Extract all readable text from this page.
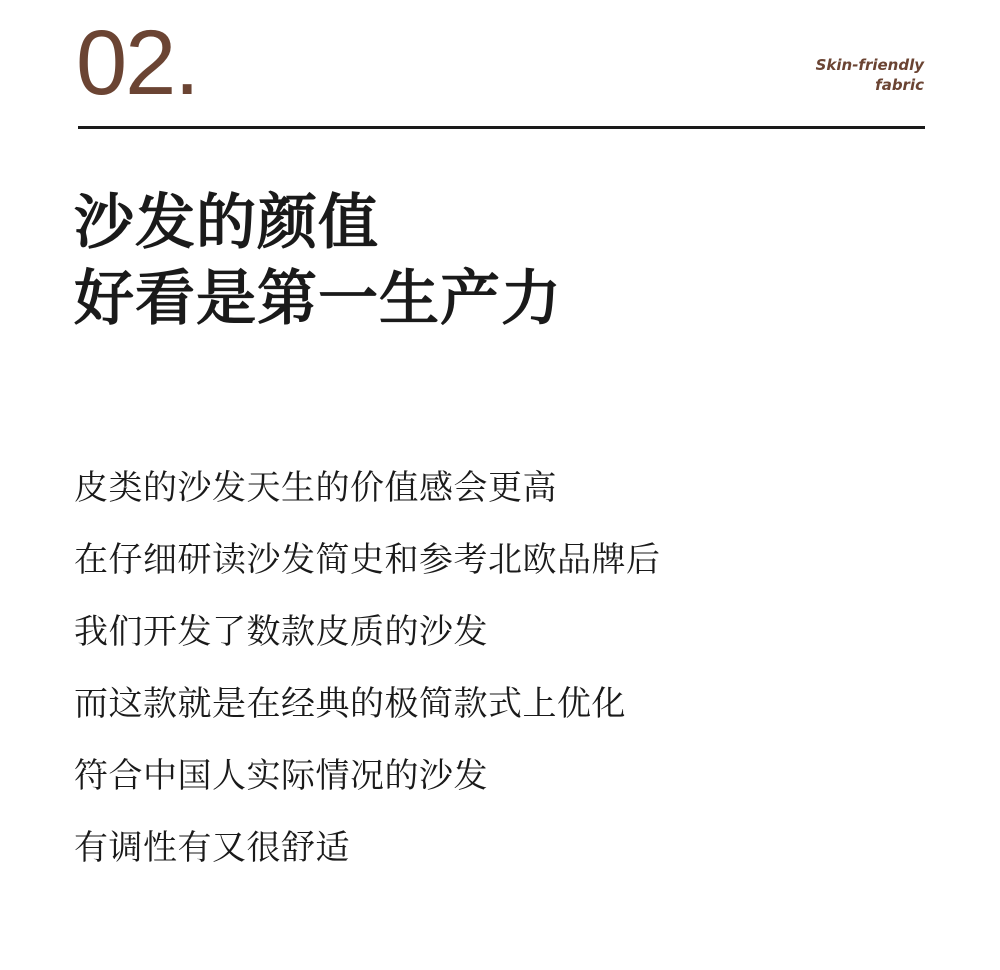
02.	Skin-friendly
fabric
沙发的颜值
好看是第一生产力
皮类的沙发天生的价值感会更高
在仔细研读沙发简史和参考北欧品牌后
我们开发了数款皮质的沙发
而这款就是在经典的极简款式上优化
符合中国人实际情况的沙发
有调性有又很舒适
